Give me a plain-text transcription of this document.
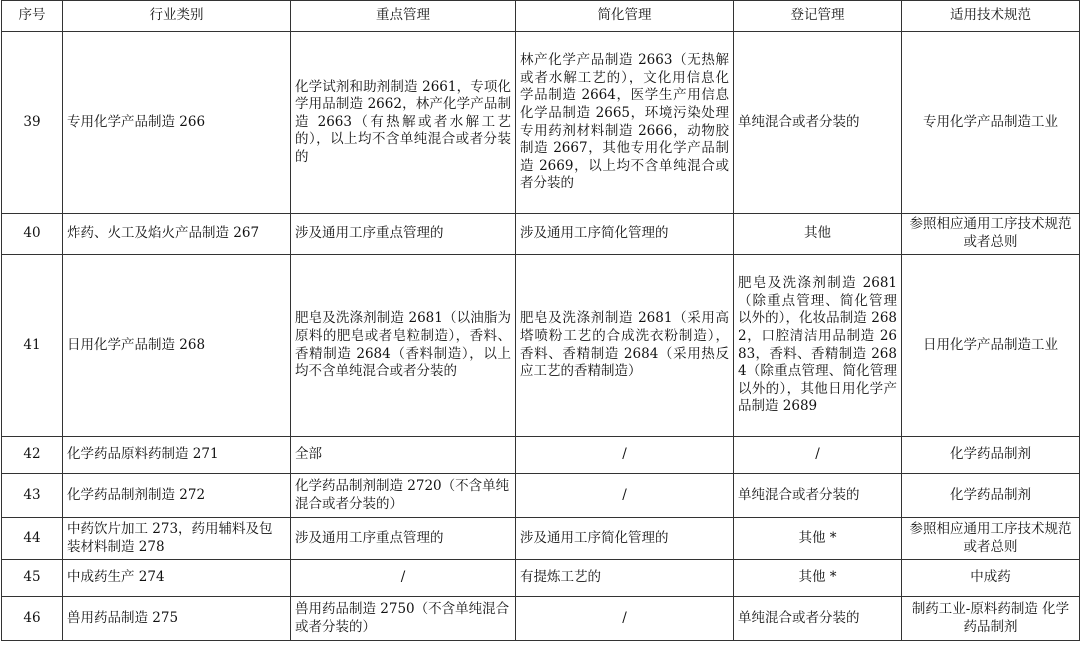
序号	行业类别	重点管理	简化管理	登记管理	适用技术规范
39	专用化学产品制造 266	化学试剂和助剂制造 2661，专项化学用品制造 2662，林产化学产品制造 2663（有热解或者水解工艺的），以上均不含单纯混合或者分装的	林产化学产品制造 2663（无热解或者水解工艺的），文化用信息化学品制造 2664，医学生产用信息化学品制造 2665，环境污染处理专用药剂材料制造 2666，动物胶制造 2667，其他专用化学产品制造 2669，以上均不含单纯混合或者分装的	单纯混合或者分装的	专用化学产品制造工业
40	炸药、火工及焰火产品制造 267	涉及通用工序重点管理的	涉及通用工序简化管理的	其他	参照相应通用工序技术规范或者总则
41	日用化学产品制造 268	肥皂及洗涤剂制造 2681（以油脂为原料的肥皂或者皂粒制造），香料、香精制造 2684（香料制造），以上均不含单纯混合或者分装的	肥皂及洗涤剂制造 2681（采用高塔喷粉工艺的合成洗衣粉制造），香料、香精制造 2684（采用热反应工艺的香精制造）	肥皂及洗涤剂制造 2681（除重点管理、简化管理以外的），化妆品制造 2682，口腔清洁用品制造 2683，香料、香精制造 2684（除重点管理、简化管理以外的），其他日用化学产品制造 2689	日用化学产品制造工业
42	化学药品原料药制造 271	全部	/	/	化学药品制剂
43	化学药品制剂制造 272	化学药品制剂制造 2720（不含单纯混合或者分装的）	/	单纯混合或者分装的	化学药品制剂
44	中药饮片加工 273，药用辅料及包装材料制造 278	涉及通用工序重点管理的	涉及通用工序简化管理的	其他 *	参照相应通用工序技术规范或者总则
45	中成药生产 274	/	有提炼工艺的	其他 *	中成药
46	兽用药品制造 275	兽用药品制造 2750（不含单纯混合或者分装的）	/	单纯混合或者分装的	制药工业-原料药制造 化学药品制剂
